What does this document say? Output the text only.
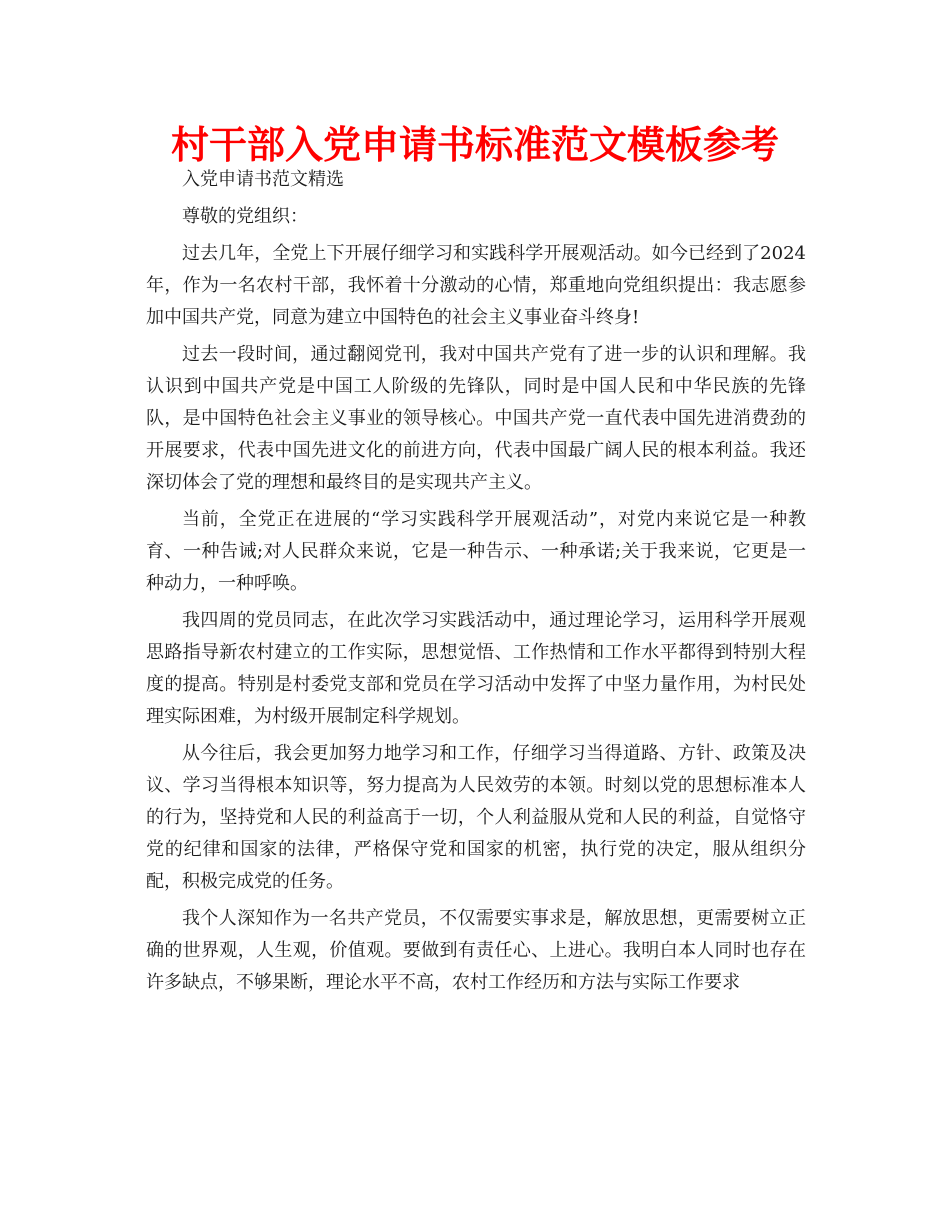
村干部入党申请书标准范文模板参考

入党申请书范文精选

尊敬的党组织：

过去几年，全党上下开展仔细学习和实践科学开展观活动。如今已经到了2024年，作为一名农村干部，我怀着十分激动的心情，郑重地向党组织提出：我志愿参加中国共产党，同意为建立中国特色的社会主义事业奋斗终身!

过去一段时间，通过翻阅党刊，我对中国共产党有了进一步的认识和理解。我认识到中国共产党是中国工人阶级的先锋队，同时是中国人民和中华民族的先锋队，是中国特色社会主义事业的领导核心。中国共产党一直代表中国先进消费劲的开展要求，代表中国先进文化的前进方向，代表中国最广阔人民的根本利益。我还深切体会了党的理想和最终目的是实现共产主义。

当前，全党正在进展的“学习实践科学开展观活动”，对党内来说它是一种教育、一种告诫;对人民群众来说，它是一种告示、一种承诺;关于我来说，它更是一种动力，一种呼唤。

我四周的党员同志，在此次学习实践活动中，通过理论学习，运用科学开展观思路指导新农村建立的工作实际，思想觉悟、工作热情和工作水平都得到特别大程度的提高。特别是村委党支部和党员在学习活动中发挥了中坚力量作用，为村民处理实际困难，为村级开展制定科学规划。

从今往后，我会更加努力地学习和工作，仔细学习当得道路、方针、政策及决议、学习当得根本知识等，努力提高为人民效劳的本领。时刻以党的思想标准本人的行为，坚持党和人民的利益高于一切，个人利益服从党和人民的利益，自觉恪守党的纪律和国家的法律，严格保守党和国家的机密，执行党的决定，服从组织分配，积极完成党的任务。

我个人深知作为一名共产党员，不仅需要实事求是，解放思想，更需要树立正确的世界观，人生观，价值观。要做到有责任心、上进心。我明白本人同时也存在许多缺点，不够果断，理论水平不高，农村工作经历和方法与实际工作要求
